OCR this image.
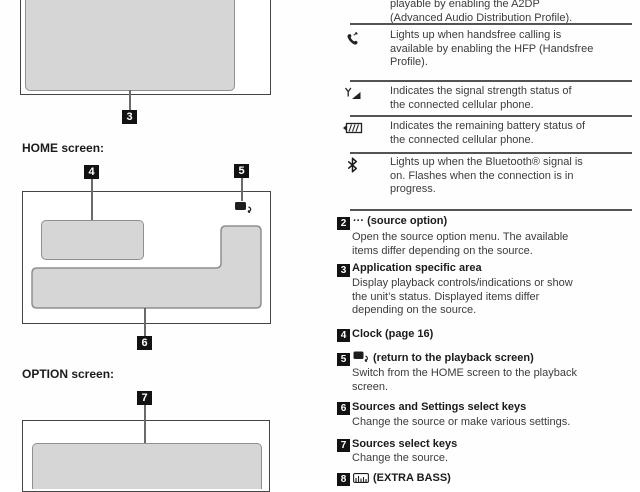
3
HOME screen:
4	5
6
OPTION screen:
7
playable by enabling the A2DP
(Advanced Audio Distribution Profile).
Lights up when handsfree calling is
available by enabling the HFP (Handsfree
Profile).
Indicates the signal strength status of
the connected cellular phone.
Indicates the remaining battery status of
the connected cellular phone.
Lights up when the Bluetooth® signal is
on. Flashes when the connection is in
progress.
2 ··· (source option)
Open the source option menu. The available
items differ depending on the source.
3 Application specific area
Display playback controls/indications or show
the unit’s status. Displayed items differ
depending on the source.
4 Clock (page 16)
5	(return to the playback screen)
Switch from the HOME screen to the playback
screen.
6 Sources and Settings select keys
Change the source or make various settings.
7 Sources select keys
Change the source.
8	(EXTRA BASS)
